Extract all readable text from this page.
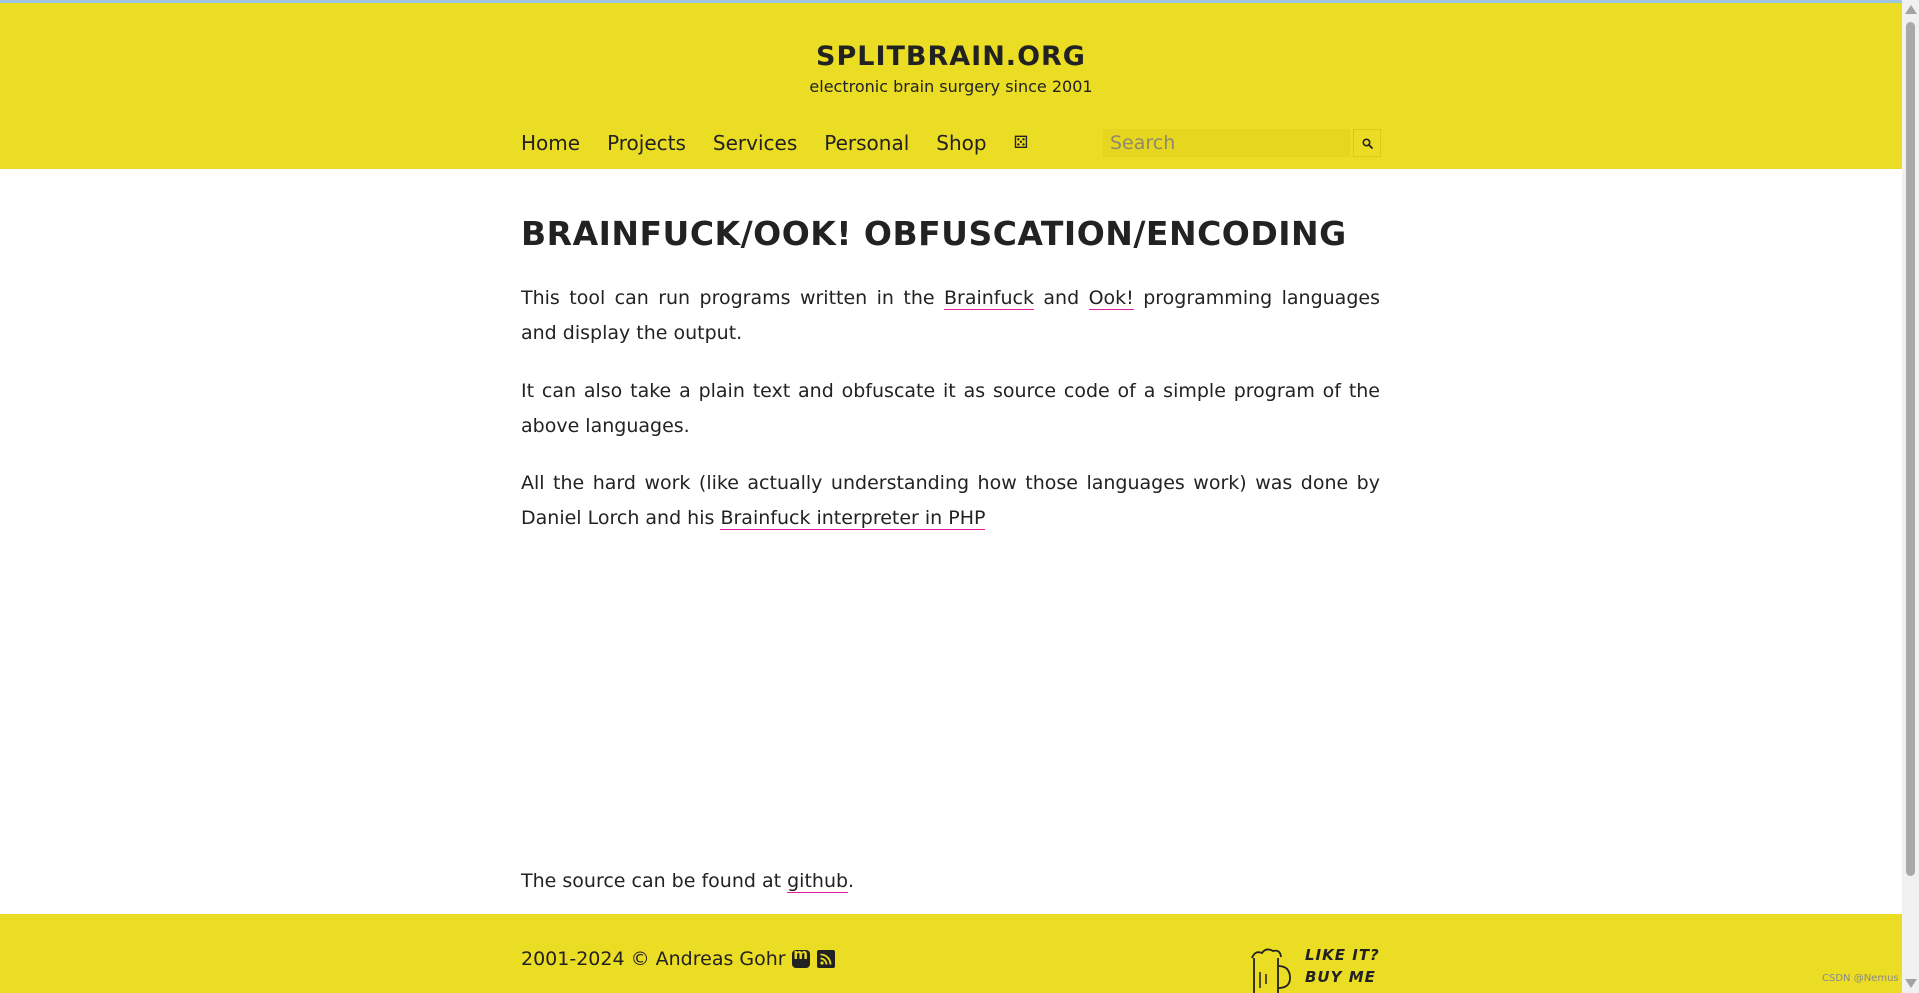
SPLITBRAIN.ORG
electronic brain surgery since 2001
Home Projects Services Personal Shop ⚄
Search
BRAINFUCK/OOK! OBFUSCATION/ENCODING

This tool can run programs written in the Brainfuck and Ook! programming languages and display the output.

It can also take a plain text and obfuscate it as source code of a simple program of the above languages.

All the hard work (like actually understanding how those languages work) was done by Daniel Lorch and his Brainfuck interpreter in PHP

The source can be found at github.

2001-2024 © Andreas Gohr
m	LIKE IT?
BUY ME	CSDN @Nemus
